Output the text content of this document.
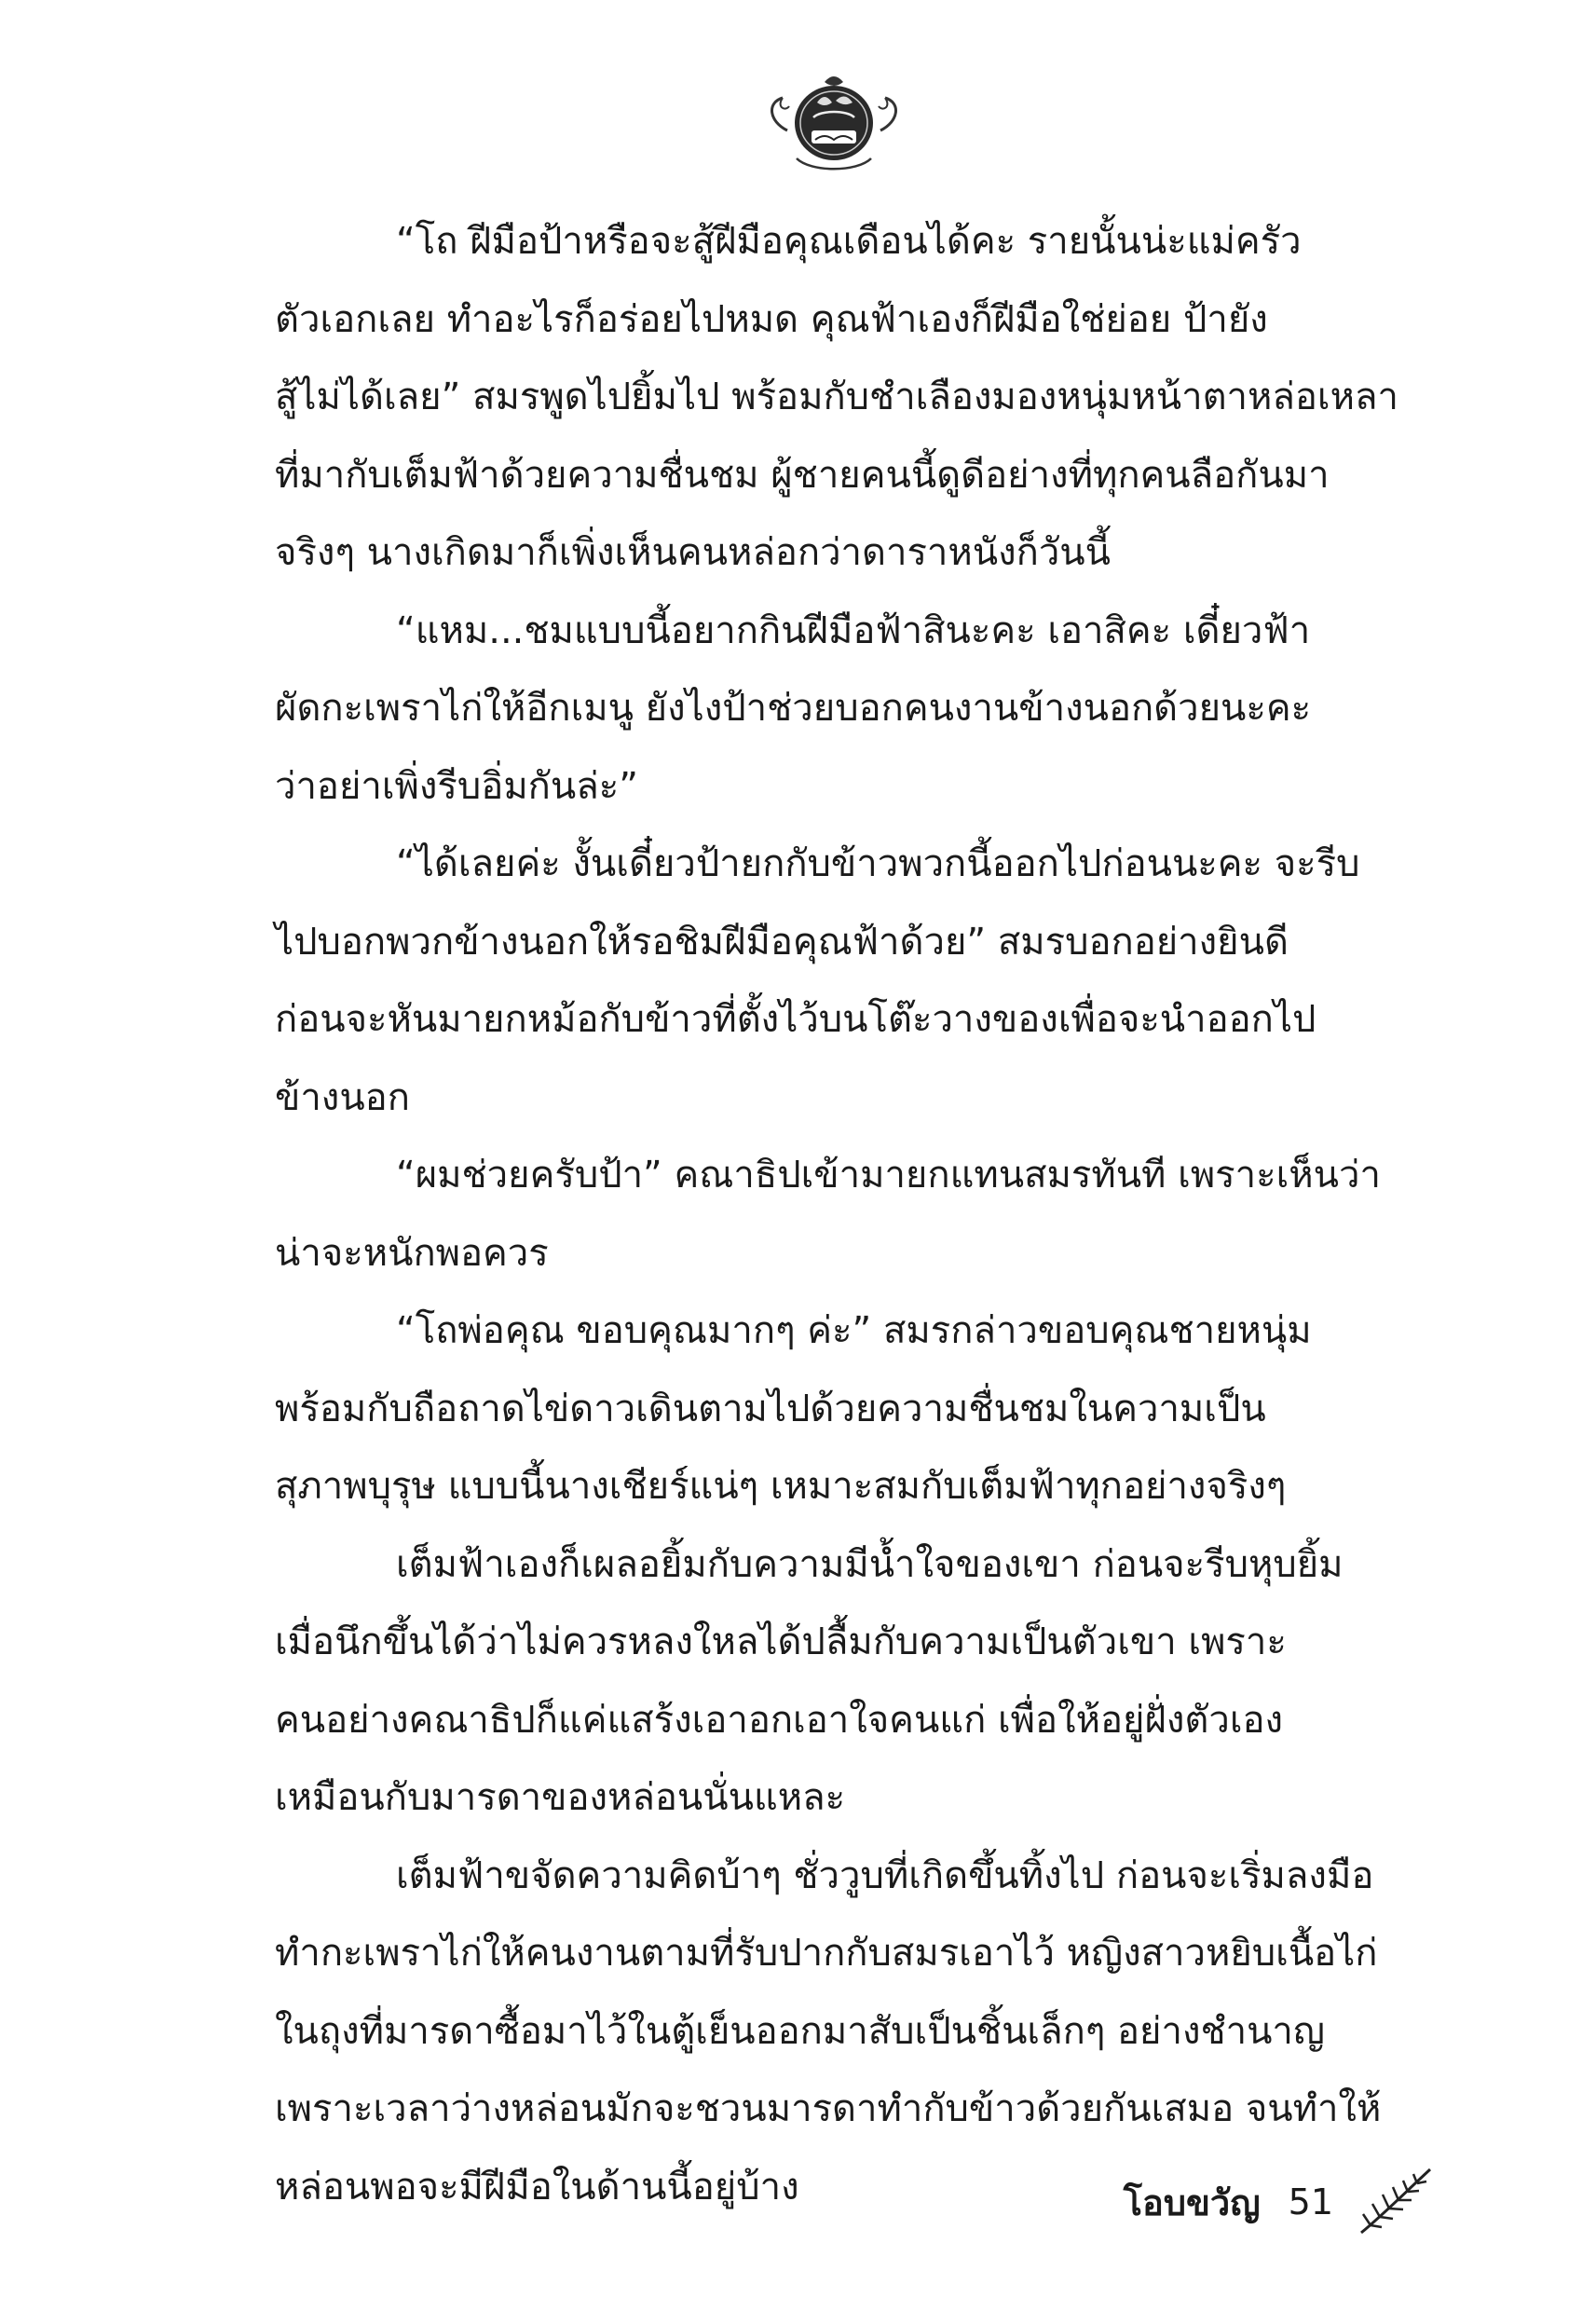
“โถ ฝีมือป้าหรือจะสู้ฝีมือคุณเดือนได้คะ รายนั้นน่ะแม่ครัว
ตัวเอกเลย ทำอะไรก็อร่อยไปหมด คุณฟ้าเองก็ฝีมือใช่ย่อย ป้ายัง
สู้ไม่ได้เลย” สมรพูดไปยิ้มไป พร้อมกับชำเลืองมองหนุ่มหน้าตาหล่อเหลา
ที่มากับเต็มฟ้าด้วยความชื่นชม ผู้ชายคนนี้ดูดีอย่างที่ทุกคนลือกันมา
จริงๆ นางเกิดมาก็เพิ่งเห็นคนหล่อกว่าดาราหนังก็วันนี้

“แหม...ชมแบบนี้อยากกินฝีมือฟ้าสินะคะ เอาสิคะ เดี๋ยวฟ้า
ผัดกะเพราไก่ให้อีกเมนู ยังไงป้าช่วยบอกคนงานข้างนอกด้วยนะคะ
ว่าอย่าเพิ่งรีบอิ่มกันล่ะ”

“ได้เลยค่ะ งั้นเดี๋ยวป้ายกกับข้าวพวกนี้ออกไปก่อนนะคะ จะรีบ
ไปบอกพวกข้างนอกให้รอชิมฝีมือคุณฟ้าด้วย” สมรบอกอย่างยินดี
ก่อนจะหันมายกหม้อกับข้าวที่ตั้งไว้บนโต๊ะวางของเพื่อจะนำออกไป
ข้างนอก

“ผมช่วยครับป้า” คณาธิปเข้ามายกแทนสมรทันที เพราะเห็นว่า
น่าจะหนักพอควร

“โถพ่อคุณ ขอบคุณมากๆ ค่ะ” สมรกล่าวขอบคุณชายหนุ่ม
พร้อมกับถือถาดไข่ดาวเดินตามไปด้วยความชื่นชมในความเป็น
สุภาพบุรุษ แบบนี้นางเชียร์แน่ๆ เหมาะสมกับเต็มฟ้าทุกอย่างจริงๆ

เต็มฟ้าเองก็เผลอยิ้มกับความมีน้ำใจของเขา ก่อนจะรีบหุบยิ้ม
เมื่อนึกขึ้นได้ว่าไม่ควรหลงใหลได้ปลื้มกับความเป็นตัวเขา เพราะ
คนอย่างคณาธิปก็แค่แสร้งเอาอกเอาใจคนแก่ เพื่อให้อยู่ฝั่งตัวเอง
เหมือนกับมารดาของหล่อนนั่นแหละ

เต็มฟ้าขจัดความคิดบ้าๆ ชั่ววูบที่เกิดขึ้นทิ้งไป ก่อนจะเริ่มลงมือ
ทำกะเพราไก่ให้คนงานตามที่รับปากกับสมรเอาไว้ หญิงสาวหยิบเนื้อไก่
ในถุงที่มารดาซื้อมาไว้ในตู้เย็นออกมาสับเป็นชิ้นเล็กๆ อย่างชำนาญ
เพราะเวลาว่างหล่อนมักจะชวนมารดาทำกับข้าวด้วยกันเสมอ จนทำให้
หล่อนพอจะมีฝีมือในด้านนี้อยู่บ้าง	โอบขวัญ 51
